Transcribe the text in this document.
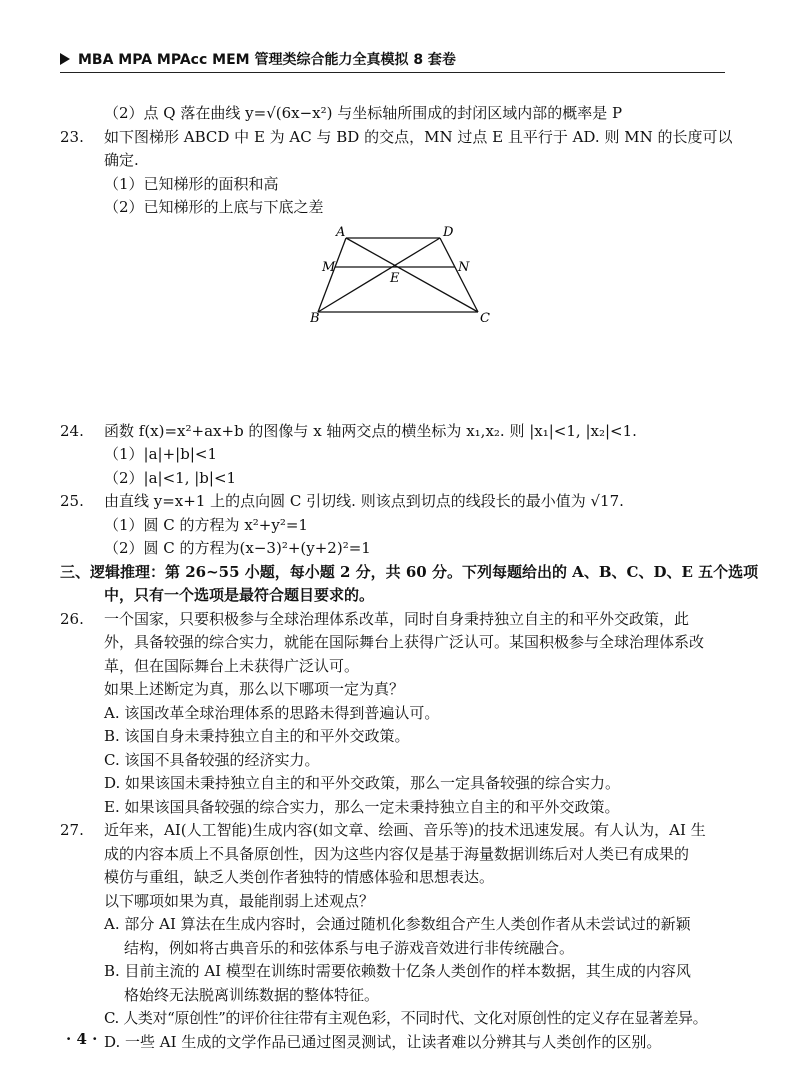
MBA MPA MPAcc MEM 管理类综合能力全真模拟 8 套卷
（2）点 Q 落在曲线 y=√(6x−x²) 与坐标轴所围成的封闭区域内部的概率是 P
23. 如下图梯形 ABCD 中 E 为 AC 与 BD 的交点，MN 过点 E 且平行于 AD. 则 MN 的长度可以
确定.
（1）已知梯形的面积和高
（2）已知梯形的上底与下底之差
A	D
M	N
E
B	C
24. 函数 f(x)=x²+ax+b 的图像与 x 轴两交点的横坐标为 x₁,x₂. 则 |x₁|<1, |x₂|<1.
（1）|a|+|b|<1
（2）|a|<1, |b|<1
25. 由直线 y=x+1 上的点向圆 C 引切线. 则该点到切点的线段长的最小值为 √17.
（1）圆 C 的方程为 x²+y²=1
（2）圆 C 的方程为(x−3)²+(y+2)²=1
三、逻辑推理：第 26~55 小题，每小题 2 分，共 60 分。下列每题给出的 A、B、C、D、E 五个选项
中，只有一个选项是最符合题目要求的。
26. 一个国家，只要积极参与全球治理体系改革，同时自身秉持独立自主的和平外交政策，此
外，具备较强的综合实力，就能在国际舞台上获得广泛认可。某国积极参与全球治理体系改
革，但在国际舞台上未获得广泛认可。
如果上述断定为真，那么以下哪项一定为真？
A. 该国改革全球治理体系的思路未得到普遍认可。
B. 该国自身未秉持独立自主的和平外交政策。
C. 该国不具备较强的经济实力。
D. 如果该国未秉持独立自主的和平外交政策，那么一定具备较强的综合实力。
E. 如果该国具备较强的综合实力，那么一定未秉持独立自主的和平外交政策。
27. 近年来，AI(人工智能)生成内容(如文章、绘画、音乐等)的技术迅速发展。有人认为，AI 生
成的内容本质上不具备原创性，因为这些内容仅是基于海量数据训练后对人类已有成果的
模仿与重组，缺乏人类创作者独特的情感体验和思想表达。
以下哪项如果为真，最能削弱上述观点？
A. 部分 AI 算法在生成内容时，会通过随机化参数组合产生人类创作者从未尝试过的新颖
结构，例如将古典音乐的和弦体系与电子游戏音效进行非传统融合。
B. 目前主流的 AI 模型在训练时需要依赖数十亿条人类创作的样本数据，其生成的内容风
格始终无法脱离训练数据的整体特征。
C. 人类对“原创性”的评价往往带有主观色彩，不同时代、文化对原创性的定义存在显著差异。
D. 一些 AI 生成的文学作品已通过图灵测试，让读者难以分辨其与人类创作的区别。
· 4 ·
